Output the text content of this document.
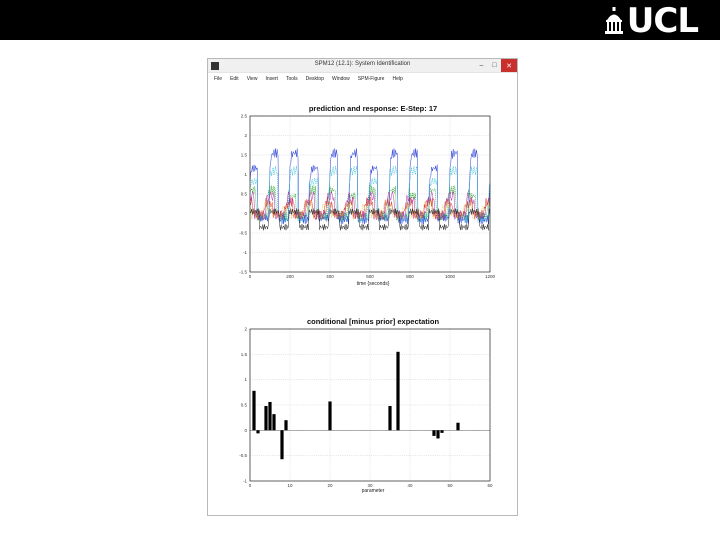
UCL
SPM12 (12.1): System Identification	–	□	✕
File	Edit	View	Insert	Tools	Desktop	Window	SPM-Figure	Help
prediction and response: E-Step: 17
0	200	400	600	800	1000	1200
-1.5
-1
-0.5
0
0.5
1
1.5
2
2.5
time {seconds}
conditional [minus prior] expectation
0	10	20	30	40	50	60
-1
-0.5
0
0.5
1
1.5
2
parameter
